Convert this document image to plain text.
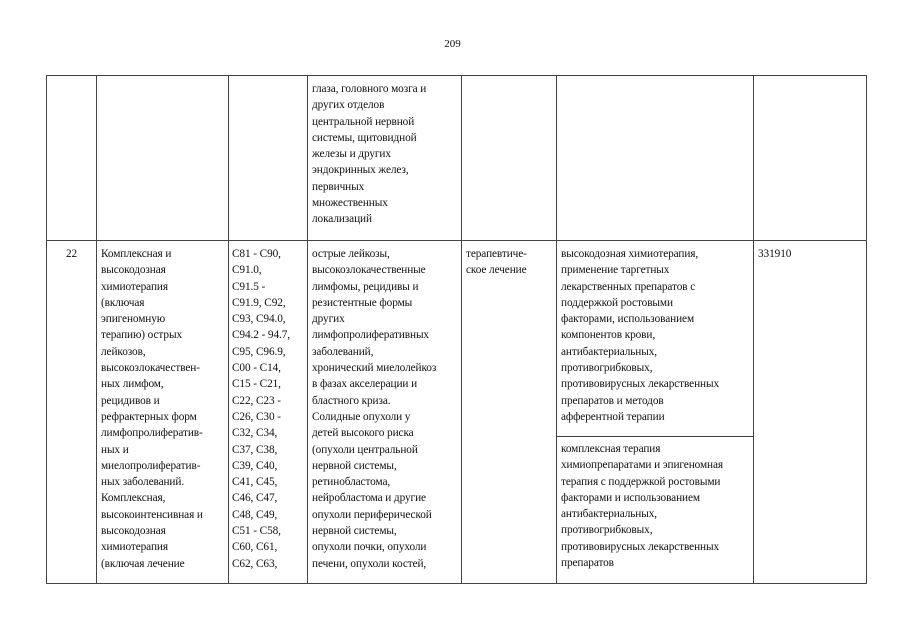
209
глаза, головного мозга и
других отделов
центральной нервной
системы, щитовидной
железы и других
эндокринных желез,
первичных
множественных
локализаций
22	Комплексная и
высокодозная
химиотерапия
(включая
эпигеномную
терапию) острых
лейкозов,
высокозлокачествен-
ных лимфом,
рецидивов и
рефрактерных форм
лимфопролифератив-
ных и
миелопролифератив-
ных заболеваний.
Комплексная,
высокоинтенсивная и
высокодозная
химиотерапия
(включая лечение
C81 - C90,
C91.0,
C91.5 -
C91.9, C92,
C93, C94.0,
C94.2 - 94.7,
C95, C96.9,
C00 - C14,
C15 - C21,
C22, C23 -
C26, C30 -
C32, C34,
C37, C38,
C39, C40,
C41, C45,
C46, C47,
C48, C49,
C51 - C58,
C60, C61,
C62, C63,
острые лейкозы,
высокозлокачественные
лимфомы, рецидивы и
резистентные формы
других
лимфопролиферативных
заболеваний,
хронический миелолейкоз
в фазах акселерации и
бластного криза.
Солидные опухоли у
детей высокого риска
(опухоли центральной
нервной системы,
ретинобластома,
нейробластома и другие
опухоли периферической
нервной системы,
опухоли почки, опухоли
печени, опухоли костей,
терапевтиче-
ское лечение
высокодозная химиотерапия,
применение таргетных
лекарственных препаратов с
поддержкой ростовыми
факторами, использованием
компонентов крови,
антибактериальных,
противогрибковых,
противовирусных лекарственных
препаратов и методов
афферентной терапии
комплексная терапия
химиопрепаратами и эпигеномная
терапия с поддержкой ростовыми
факторами и использованием
антибактериальных,
противогрибковых,
противовирусных лекарственных
препаратов
331910
